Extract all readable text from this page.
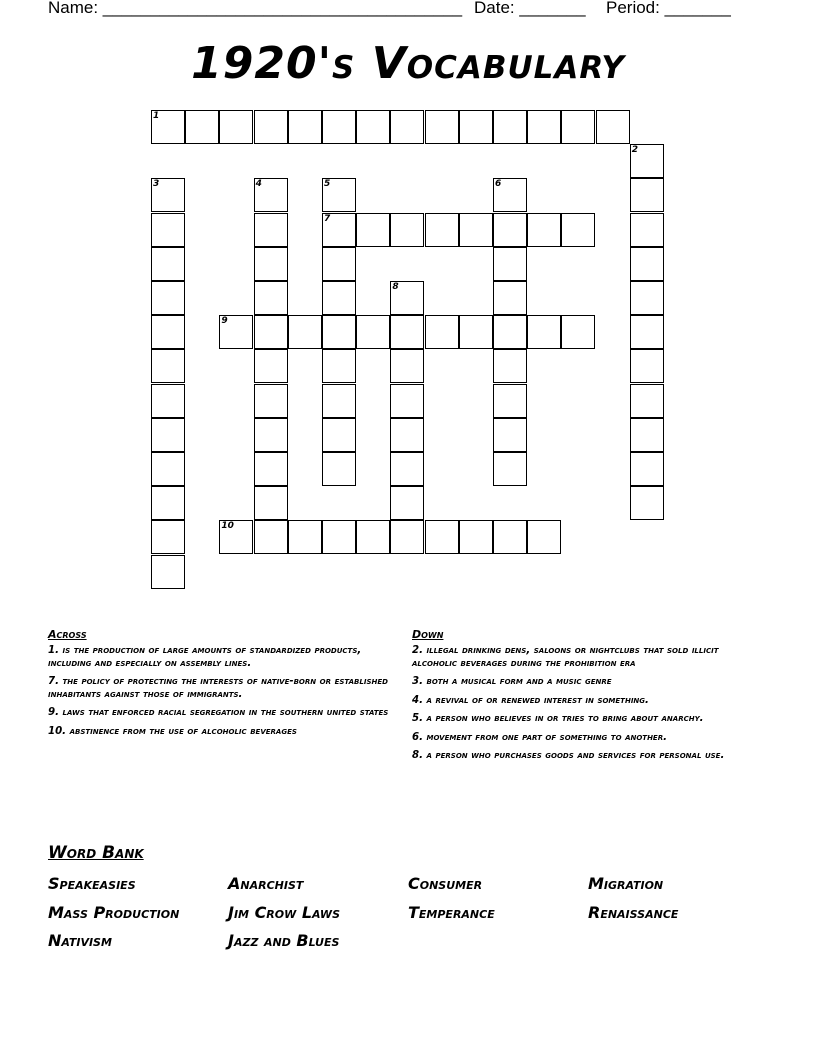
Name: ______________________________________ Date: _______ Period: _______
1920's Vocabulary
1
2
3	4	5
7
6
8
9
10
Across
1. is the production of large amounts of standardized products, including and especially on assembly lines.
7. the policy of protecting the interests of native-born or established inhabitants against those of immigrants.
9. laws that enforced racial segregation in the southern united states
10. abstinence from the use of alcoholic beverages
Down
2. illegal drinking dens, saloons or nightclubs that sold illicit alcoholic beverages during the prohibition era
3. both a musical form and a music genre
4. a revival of or renewed interest in something.
5. a person who believes in or tries to bring about anarchy.
6. movement from one part of something to another.
8. a person who purchases goods and services for personal use.
Word Bank
Speakeasies	Anarchist	Consumer	Migration
Mass Production	Jim Crow Laws	Temperance	Renaissance
Nativism	Jazz and Blues
